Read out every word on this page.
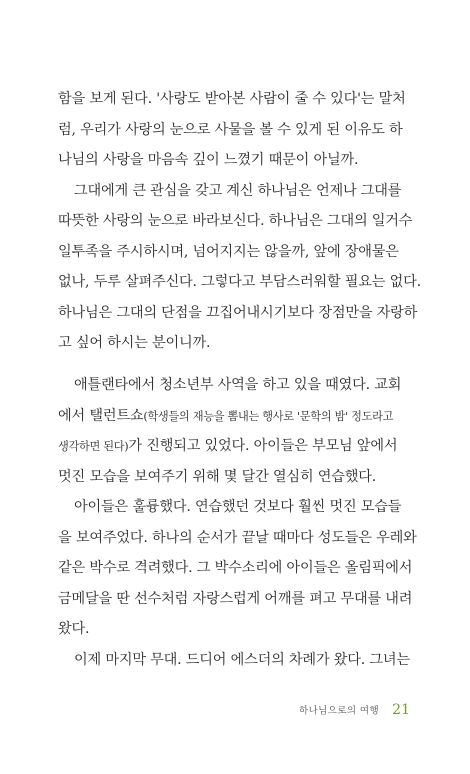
함을 보게 된다. '사랑도 받아본 사람이 줄 수 있다'는 말처
럼, 우리가 사랑의 눈으로 사물을 볼 수 있게 된 이유도 하
나님의 사랑을 마음속 깊이 느꼈기 때문이 아닐까.
그대에게 큰 관심을 갖고 계신 하나님은 언제나 그대를
따뜻한 사랑의 눈으로 바라보신다. 하나님은 그대의 일거수
일투족을 주시하시며, 넘어지지는 않을까, 앞에 장애물은
없나, 두루 살펴주신다. 그렇다고 부담스러워할 필요는 없다.
하나님은 그대의 단점을 끄집어내시기보다 장점만을 자랑하
고 싶어 하시는 분이니까.
애틀랜타에서 청소년부 사역을 하고 있을 때였다. 교회
에서 탤런트쇼(학생들의 재능을 뽐내는 행사로 '문학의 밤' 정도라고
생각하면 된다)가 진행되고 있었다. 아이들은 부모님 앞에서
멋진 모습을 보여주기 위해 몇 달간 열심히 연습했다.
아이들은 훌륭했다. 연습했던 것보다 훨씬 멋진 모습들
을 보여주었다. 하나의 순서가 끝날 때마다 성도들은 우레와
같은 박수로 격려했다. 그 박수소리에 아이들은 올림픽에서
금메달을 딴 선수처럼 자랑스럽게 어깨를 펴고 무대를 내려
왔다.
이제 마지막 무대. 드디어 에스더의 차례가 왔다. 그녀는
하나님으로의 여행 21
